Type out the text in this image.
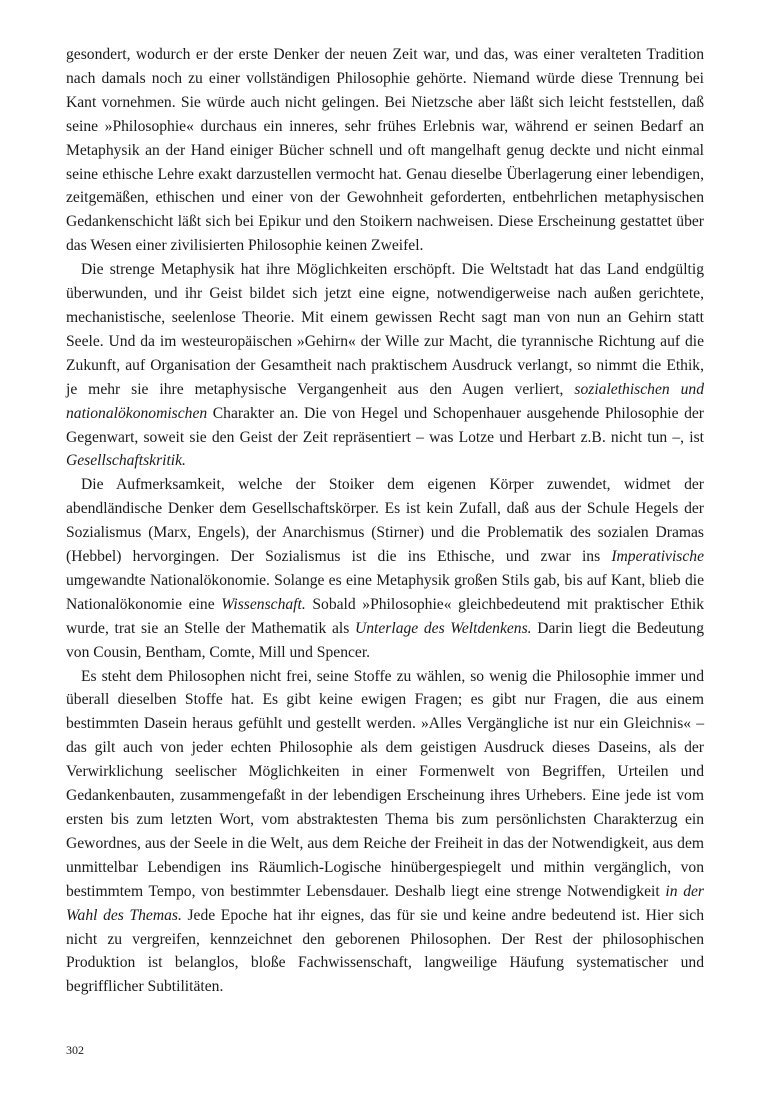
gesondert, wodurch er der erste Denker der neuen Zeit war, und das, was einer veralteten Tradition nach damals noch zu einer vollständigen Philosophie gehörte. Niemand würde diese Trennung bei Kant vornehmen. Sie würde auch nicht gelingen. Bei Nietzsche aber läßt sich leicht feststellen, daß seine »Philosophie« durchaus ein inneres, sehr frühes Erlebnis war, während er seinen Bedarf an Metaphysik an der Hand einiger Bücher schnell und oft mangelhaft genug deckte und nicht einmal seine ethische Lehre exakt darzustellen vermocht hat. Genau dieselbe Überlagerung einer lebendigen, zeitgemäßen, ethischen und einer von der Gewohnheit geforderten, entbehrlichen metaphysischen Gedankenschicht läßt sich bei Epikur und den Stoikern nachweisen. Diese Erscheinung gestattet über das Wesen einer zivilisierten Philosophie keinen Zweifel.

Die strenge Metaphysik hat ihre Möglichkeiten erschöpft. Die Weltstadt hat das Land endgültig überwunden, und ihr Geist bildet sich jetzt eine eigne, notwendigerweise nach außen gerichtete, mechanistische, seelenlose Theorie. Mit einem gewissen Recht sagt man von nun an Gehirn statt Seele. Und da im westeuropäischen »Gehirn« der Wille zur Macht, die tyrannische Richtung auf die Zukunft, auf Organisation der Gesamtheit nach praktischem Ausdruck verlangt, so nimmt die Ethik, je mehr sie ihre metaphysische Vergangenheit aus den Augen verliert, sozialethischen und nationalökonomischen Charakter an. Die von Hegel und Schopenhauer ausgehende Philosophie der Gegenwart, soweit sie den Geist der Zeit repräsentiert – was Lotze und Herbart z.B. nicht tun –, ist Gesellschaftskritik.

Die Aufmerksamkeit, welche der Stoiker dem eigenen Körper zuwendet, widmet der abendländische Denker dem Gesellschaftskörper. Es ist kein Zufall, daß aus der Schule Hegels der Sozialismus (Marx, Engels), der Anarchismus (Stirner) und die Problematik des sozialen Dramas (Hebbel) hervorgingen. Der Sozialismus ist die ins Ethische, und zwar ins Imperativische umgewandte Nationalökonomie. Solange es eine Metaphysik großen Stils gab, bis auf Kant, blieb die Nationalökonomie eine Wissenschaft. Sobald »Philosophie« gleichbedeutend mit praktischer Ethik wurde, trat sie an Stelle der Mathematik als Unterlage des Weltdenkens. Darin liegt die Bedeutung von Cousin, Bentham, Comte, Mill und Spencer.

Es steht dem Philosophen nicht frei, seine Stoffe zu wählen, so wenig die Philosophie immer und überall dieselben Stoffe hat. Es gibt keine ewigen Fragen; es gibt nur Fragen, die aus einem bestimmten Dasein heraus gefühlt und gestellt werden. »Alles Vergängliche ist nur ein Gleichnis« – das gilt auch von jeder echten Philosophie als dem geistigen Ausdruck dieses Daseins, als der Verwirklichung seelischer Möglichkeiten in einer Formenwelt von Begriffen, Urteilen und Gedankenbauten, zusammengefaßt in der lebendigen Erscheinung ihres Urhebers. Eine jede ist vom ersten bis zum letzten Wort, vom abstraktesten Thema bis zum persönlichsten Charakterzug ein Gewordnes, aus der Seele in die Welt, aus dem Reiche der Freiheit in das der Notwendigkeit, aus dem unmittelbar Lebendigen ins Räumlich-Logische hinübergespiegelt und mithin vergänglich, von bestimmtem Tempo, von bestimmter Lebensdauer. Deshalb liegt eine strenge Notwendigkeit in der Wahl des Themas. Jede Epoche hat ihr eignes, das für sie und keine andre bedeutend ist. Hier sich nicht zu vergreifen, kennzeichnet den geborenen Philosophen. Der Rest der philosophischen Produktion ist belanglos, bloße Fachwissenschaft, langweilige Häufung systematischer und begrifflicher Subtilitäten.

302
